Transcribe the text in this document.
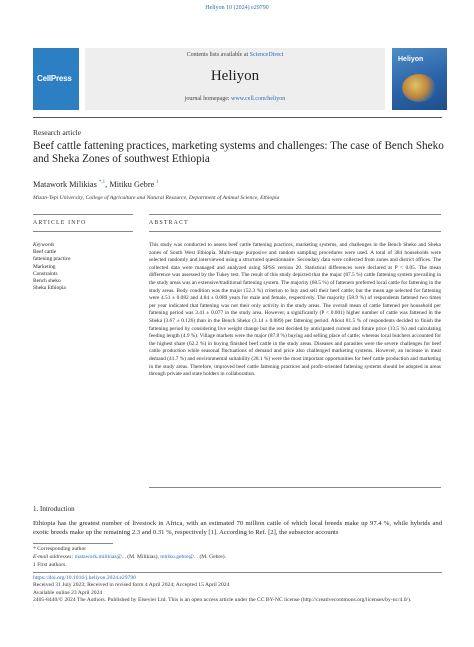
Heliyon 10 (2024) e29790
CellPress
Contents lists available at ScienceDirect
Heliyon
journal homepage: www.cell.com/heliyon
Heliyon
Research article
Beef cattle fattening practices, marketing systems and challenges: The case of Bench Sheko and Sheka Zones of southwest Ethiopia
Matawork Milikias $^{*,1}$, Mitiku Gebre $^1$
Mizan-Tepi University, College of Agriculture and Natural Resource, Department of Animal Science, Ethiopia
ARTICLE INFO	ABSTRACT
Keywords
Beef cattle
fattening practice
Marketing
Constraints
Bench sheko
Sheka Ethiopia
This study was conducted to assess beef cattle fattening practices, marketing systems, and challenges in the Bench Sheko and Sheka zones of South West Ethiopia. Multi-stage purposive and random sampling procedures were used. A total of 384 households were selected randomly and interviewed using a structured questionnaire. Secondary data were collected from zones and district offices. The collected data were managed and analyzed using SPSS version 20. Statistical differences were declared at P < 0.05. The mean difference was assessed by the Tukey test. The result of this study depicted that the major (87.5 %) cattle fattening system prevailing in the study areas was an extensive/traditional fattening system. The majority (68.5 %) of fatteners preferred local cattle for fattening in the study areas. Body condition was the major (52.3 %) criterion to buy and sell their beef cattle; but the mean age selected for fattening were 4.51 ± 0.082 and 4.84 ± 0.089 years for male and female, respectively. The majority (58.9 %) of respondents fattened two times per year indicated that fattening was not their only activity in the study areas. The overall mean of cattle fattened per household per fattening period was 3.41 ± 0.077 in the study area. However, a significantly (P < 0.001) higher number of cattle was fattened in the Sheka (3.67 ± 0.126) than in the Bench Sheko (3.14 ± 0.089) per fattening period. About 81.5 % of respondents decided to finish the fattening period by considering live weight change but the rest decided by anticipated current and future price (13.5 %) and calculating feeding length (4.9 %). Village markets were the major (87.8 %) buying and selling place of cattle; whereas local butchers accounted for the highest share (62.2 %) in buying finished beef cattle in the study areas. Diseases and parasites were the severe challenges for beef cattle production while seasonal fluctuations of demand and price also challenged marketing systems. However, an increase in meat demand (41.7 %) and environmental suitability (28.1 %) were the most important opportunities for beef cattle production and marketing in the study areas. Therefore, improved beef cattle fattening practices and profit-oriented fattening systems should be adopted in areas through private and state holders in collaboration.
1. Introduction
Ethiopia has the greatest number of livestock in Africa, with an estimated 70 million cattle of which local breeds make up 97.4 %, while hybrids and exotic breeds make up the remaining 2.3 and 0.31 %, respectively [1]. According to Ref. [2], the subsector accounts
* Corresponding author
E-mail addresses: matawork.milikias@... (M. Milikias), mitiku.gebre@... (M. Gebre).
1 First authors.
https://doi.org/10.1016/j.heliyon.2024.e29790
Received 31 July 2023; Received in revised form 4 April 2024; Accepted 15 April 2024
Available online 23 April 2024
2405-8440/© 2024 The Authors. Published by Elsevier Ltd. This is an open access article under the CC BY-NC license (http://creativecommons.org/licenses/by-nc/4.0/).
